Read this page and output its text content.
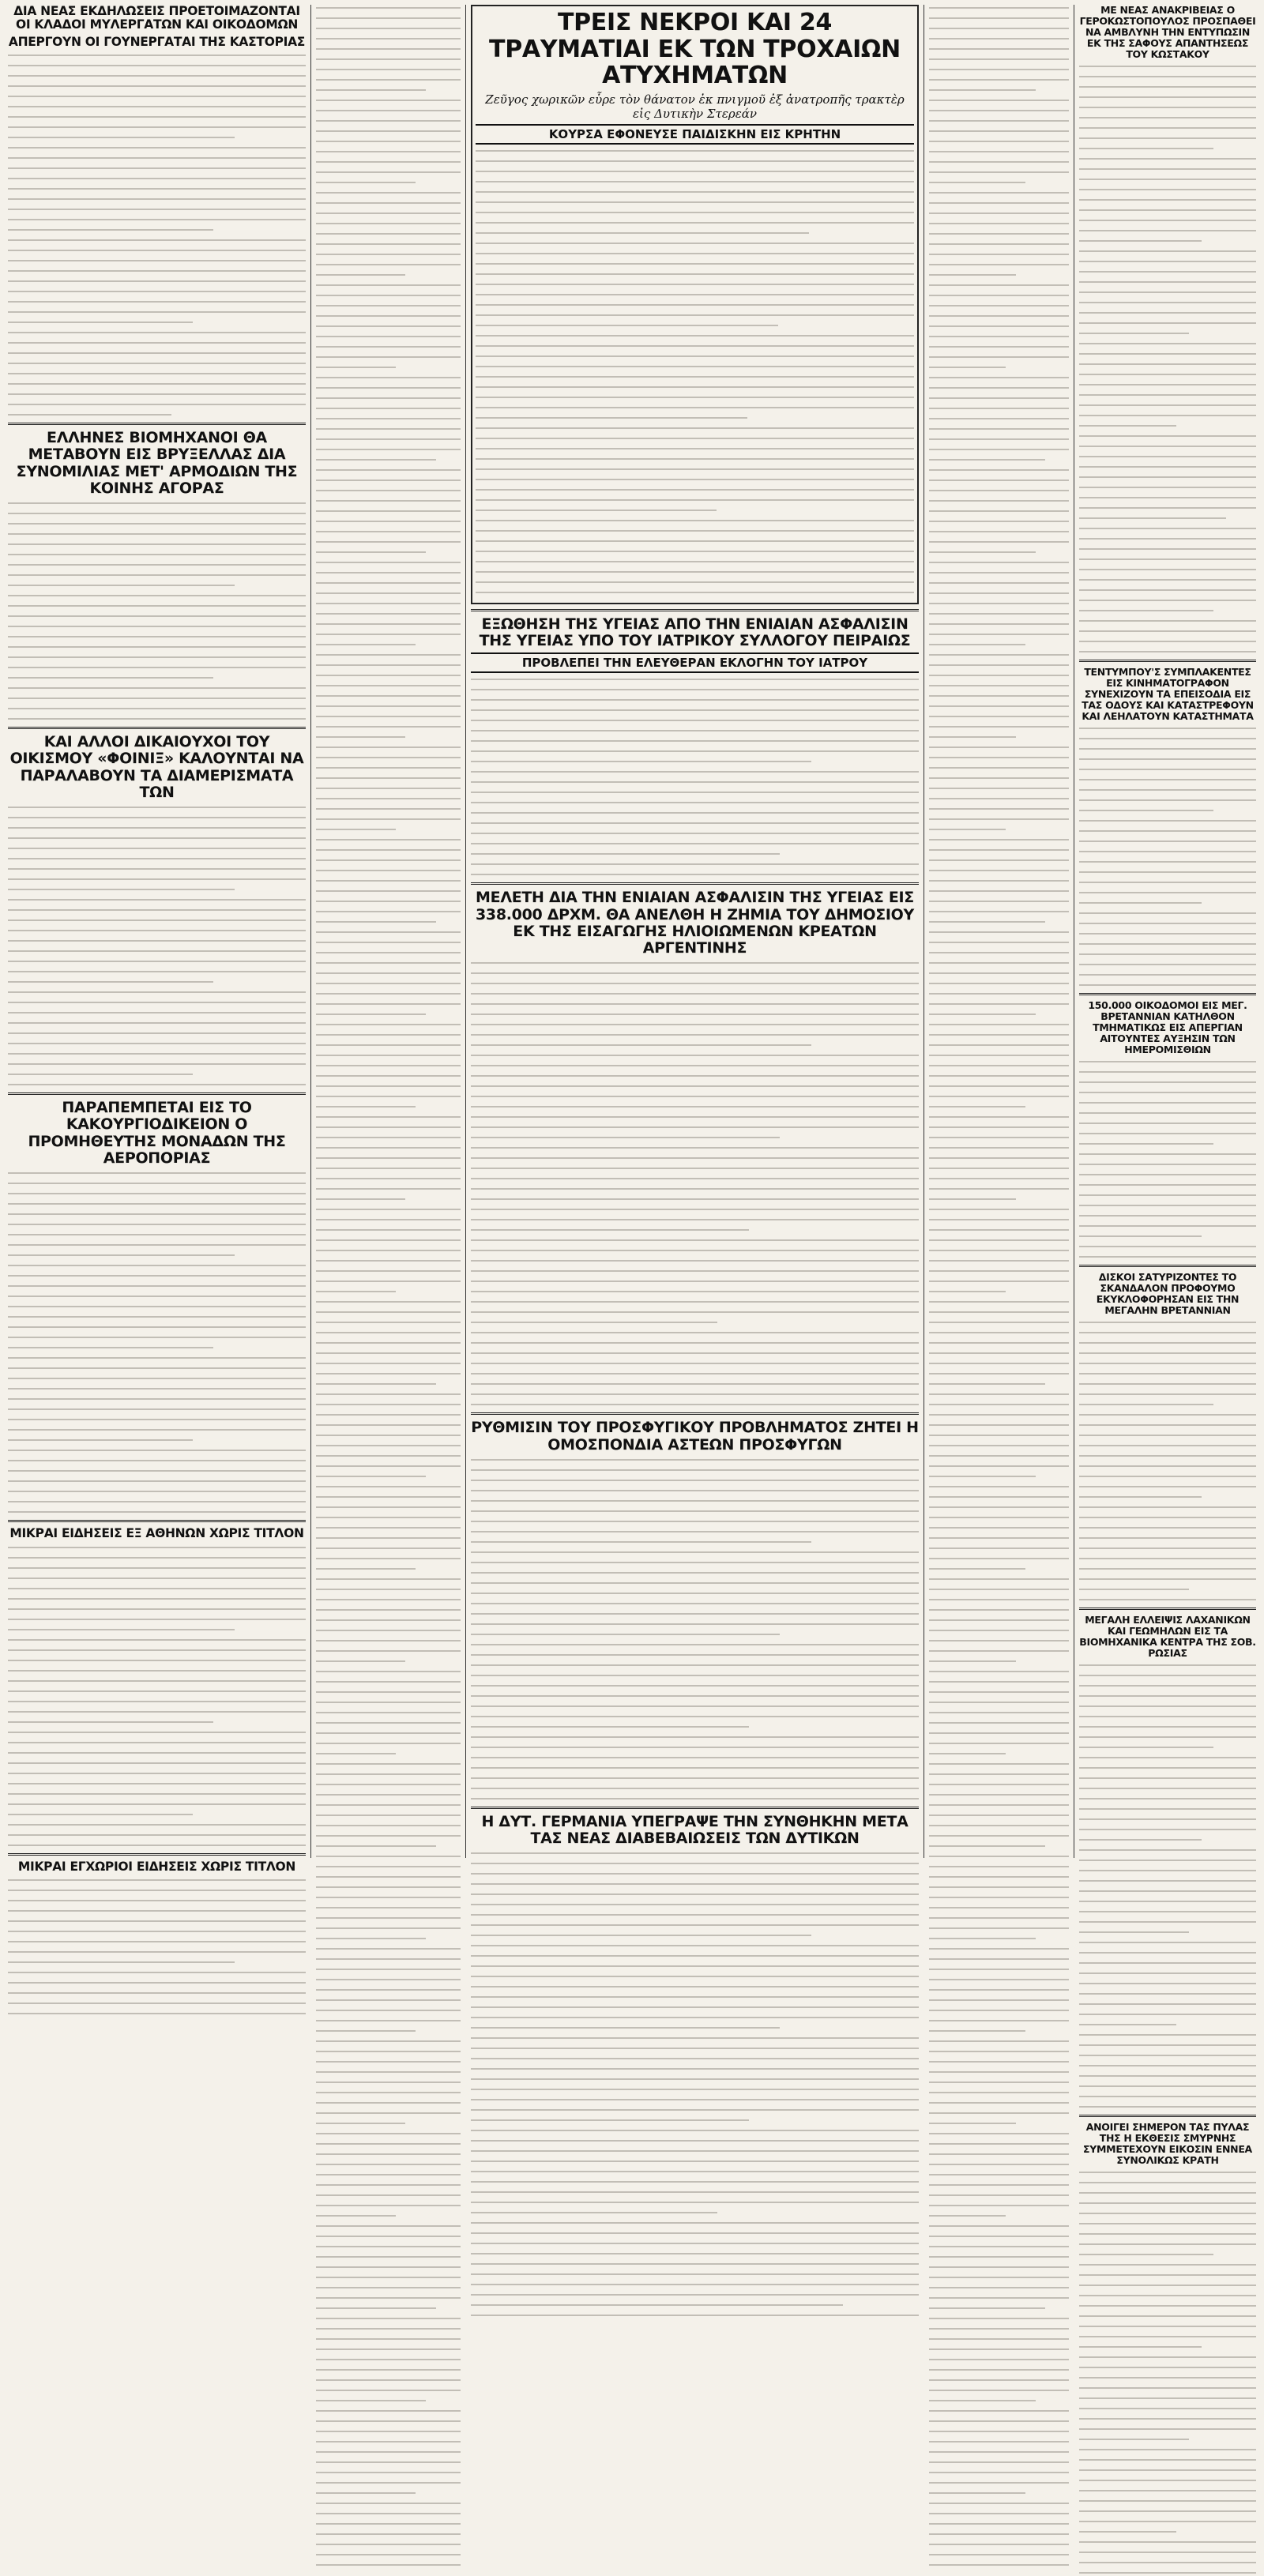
ΔΙΑ ΝΕΑΣ ΕΚΔΗΛΩΣΕΙΣ ΠΡΟΕΤΟΙΜΑΖΟΝΤΑΙ ΟΙ ΚΛΑΔΟΙ ΜΥΛΕΡΓΑΤΩΝ ΚΑΙ ΟΙΚΟΔΟΜΩΝ
ΑΠΕΡΓΟΥΝ ΟΙ ΓΟΥΝΕΡΓΑΤΑΙ ΤΗΣ ΚΑΣΤΟΡΙΑΣ
ΕΛΛΗΝΕΣ ΒΙΟΜΗΧΑΝΟΙ ΘΑ ΜΕΤΑΒΟΥΝ ΕΙΣ ΒΡΥΞΕΛΛΑΣ ΔΙΑ ΣΥΝΟΜΙΛΙΑΣ ΜΕΤ' ΑΡΜΟΔΙΩΝ ΤΗΣ ΚΟΙΝΗΣ ΑΓΟΡΑΣ
ΚΑΙ ΑΛΛΟΙ ΔΙΚΑΙΟΥΧΟΙ ΤΟΥ ΟΙΚΙΣΜΟΥ «ΦΟΙΝΙΞ» ΚΑΛΟΥΝΤΑΙ ΝΑ ΠΑΡΑΛΑΒΟΥΝ ΤΑ ΔΙΑΜΕΡΙΣΜΑΤΑ ΤΩΝ
ΠΑΡΑΠΕΜΠΕΤΑΙ ΕΙΣ ΤΟ ΚΑΚΟΥΡΓΙΟΔΙΚΕΙΟΝ Ο ΠΡΟΜΗΘΕΥΤΗΣ ΜΟΝΑΔΩΝ ΤΗΣ ΑΕΡΟΠΟΡΙΑΣ
ΜΙΚΡΑΙ ΕΙΔΗΣΕΙΣ ΕΞ ΑΘΗΝΩΝ ΧΩΡΙΣ ΤΙΤΛΟΝ
ΜΙΚΡΑΙ ΕΓΧΩΡΙΟΙ ΕΙΔΗΣΕΙΣ ΧΩΡΙΣ ΤΙΤΛΟΝ
ΤΡΕΙΣ ΝΕΚΡΟΙ ΚΑΙ 24 ΤΡΑΥΜΑΤΙΑΙ ΕΚ ΤΩΝ ΤΡΟΧΑΙΩΝ ΑΤΥΧΗΜΑΤΩΝ
Ζεῦγος χωρικῶν εὗρε τὸν θάνατον ἐκ πνιγμοῦ ἐξ ἀνατροπῆς τρακτὲρ εἰς Δυτικὴν Στερεάν
ΚΟΥΡΣΑ ΕΦΟΝΕΥΣΕ ΠΑΙΔΙΣΚΗΝ ΕΙΣ ΚΡΗΤΗΝ
ΕΞΩΘΗΣΗ ΤΗΣ ΥΓΕΙΑΣ ΑΠΟ ΤΗΝ ΕΝΙΑΙΑΝ ΑΣΦΑΛΙΣΙΝ ΤΗΣ ΥΓΕΙΑΣ ΥΠΟ ΤΟΥ ΙΑΤΡΙΚΟΥ ΣΥΛΛΟΓΟΥ ΠΕΙΡΑΙΩΣ
ΠΡΟΒΛΕΠΕΙ ΤΗΝ ΕΛΕΥΘΕΡΑΝ ΕΚΛΟΓΗΝ ΤΟΥ ΙΑΤΡΟΥ
ΜΕΛΕΤΗ ΔΙΑ ΤΗΝ ΕΝΙΑΙΑΝ ΑΣΦΑΛΙΣΙΝ ΤΗΣ ΥΓΕΙΑΣ ΕΙΣ 338.000 ΔΡΧΜ. ΘΑ ΑΝΕΛΘΗ Η ΖΗΜΙΑ ΤΟΥ ΔΗΜΟΣΙΟΥ ΕΚ ΤΗΣ ΕΙΣΑΓΩΓΗΣ ΗΛΙΟΙΩΜΕΝΩΝ ΚΡΕΑΤΩΝ ΑΡΓΕΝΤΙΝΗΣ
ΡΥΘΜΙΣΙΝ ΤΟΥ ΠΡΟΣΦΥΓΙΚΟΥ ΠΡΟΒΛΗΜΑΤΟΣ ΖΗΤΕΙ Η ΟΜΟΣΠΟΝΔΙΑ ΑΣΤΕΩΝ ΠΡΟΣΦΥΓΩΝ
Η ΔΥΤ. ΓΕΡΜΑΝΙΑ ΥΠΕΓΡΑΨΕ ΤΗΝ ΣΥΝΘΗΚΗΝ ΜΕΤΑ ΤΑΣ ΝΕΑΣ ΔΙΑΒΕΒΑΙΩΣΕΙΣ ΤΩΝ ΔΥΤΙΚΩΝ
ΜΕ ΝΕΑΣ ΑΝΑΚΡΙΒΕΙΑΣ Ο ΓΕΡΟΚΩΣΤΟΠΟΥΛΟΣ ΠΡΟΣΠΑΘΕΙ ΝΑ ΑΜΒΛΥΝΗ ΤΗΝ ΕΝΤΥΠΩΣΙΝ ΕΚ ΤΗΣ ΣΑΦΟΥΣ ΑΠΑΝΤΗΣΕΩΣ ΤΟΥ ΚΩΣΤΑΚΟΥ
ΤΕΝΤΥΜΠΟΥ'Σ ΣΥΜΠΛΑΚΕΝΤΕΣ ΕΙΣ ΚΙΝΗΜΑΤΟΓΡΑΦΟΝ ΣΥΝΕΧΙΖΟΥΝ ΤΑ ΕΠΕΙΣΟΔΙΑ ΕΙΣ ΤΑΣ ΟΔΟΥΣ ΚΑΙ ΚΑΤΑΣΤΡΕΦΟΥΝ ΚΑΙ ΛΕΗΛΑΤΟΥΝ ΚΑΤΑΣΤΗΜΑΤΑ
150.000 ΟΙΚΟΔΟΜΟΙ ΕΙΣ ΜΕΓ. ΒΡΕΤΑΝΝΙΑΝ ΚΑΤΗΛΘΟΝ ΤΜΗΜΑΤΙΚΩΣ ΕΙΣ ΑΠΕΡΓΙΑΝ ΑΙΤΟΥΝΤΕΣ ΑΥΞΗΣΙΝ ΤΩΝ ΗΜΕΡΟΜΙΣΘΙΩΝ
ΔΙΣΚΟΙ ΣΑΤΥΡΙΖΟΝΤΕΣ ΤΟ ΣΚΑΝΔΑΛΟΝ ΠΡΟΦΟΥΜΟ ΕΚΥΚΛΟΦΟΡΗΣΑΝ ΕΙΣ ΤΗΝ ΜΕΓΑΛΗΝ ΒΡΕΤΑΝΝΙΑΝ
ΜΕΓΑΛΗ ΕΛΛΕΙΨΙΣ ΛΑΧΑΝΙΚΩΝ ΚΑΙ ΓΕΩΜΗΛΩΝ ΕΙΣ ΤΑ ΒΙΟΜΗΧΑΝΙΚΑ ΚΕΝΤΡΑ ΤΗΣ ΣΟΒ. ΡΩΣΙΑΣ
ΑΝΟΙΓΕΙ ΣΗΜΕΡΟΝ ΤΑΣ ΠΥΛΑΣ ΤΗΣ Η ΕΚΘΕΣΙΣ ΣΜΥΡΝΗΣ ΣΥΜΜΕΤΕΧΟΥΝ ΕΙΚΟΣΙΝ ΕΝΝΕΑ ΣΥΝΟΛΙΚΩΣ ΚΡΑΤΗ
